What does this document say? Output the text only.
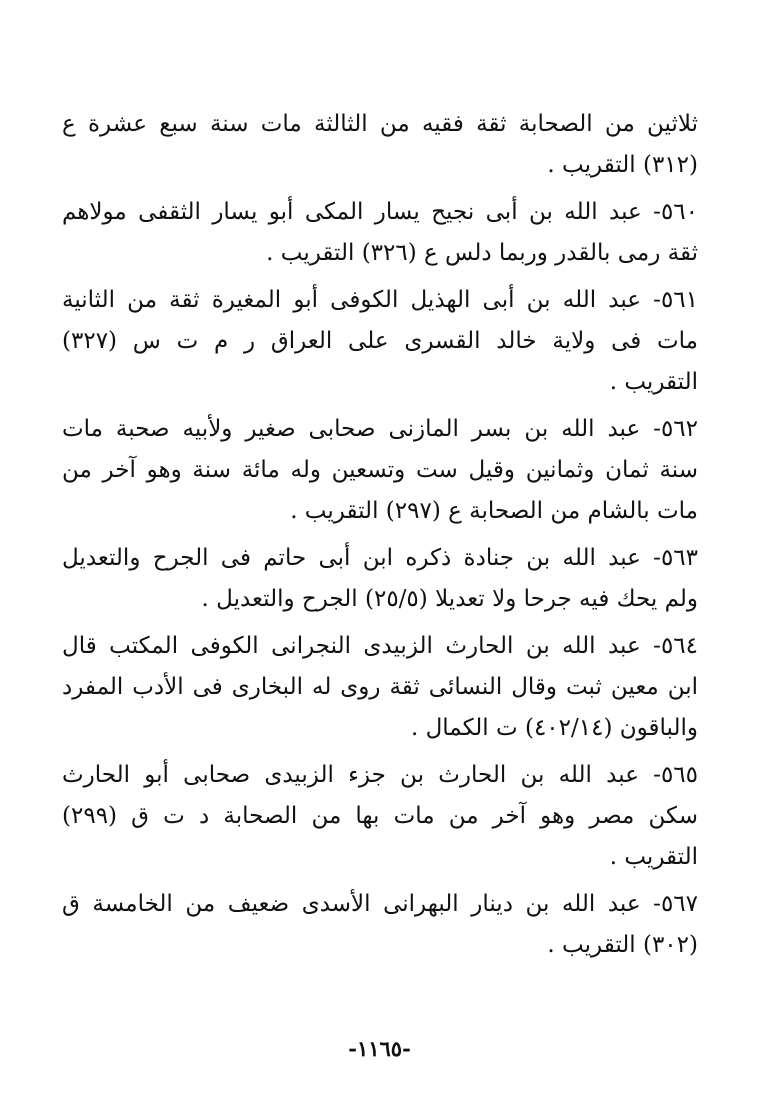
ثلاثين من الصحابة ثقة فقيه من الثالثة مات سنة سبع عشرة ع
(٣١٢) التقريب .
٥٦٠- عبد الله بن أبى نجيح يسار المكى أبو يسار الثقفى مولاهم
ثقة رمى بالقدر وربما دلس ع (٣٢٦) التقريب .
٥٦١- عبد الله بن أبى الهذيل الكوفى أبو المغيرة ثقة من الثانية
مات فى ولاية خالد القسرى على العراق ر م ت س (٣٢٧)
التقريب .
٥٦٢- عبد الله بن بسر المازنى صحابى صغير ولأبيه صحبة مات
سنة ثمان وثمانين وقيل ست وتسعين وله مائة سنة وهو آخر من
مات بالشام من الصحابة ع (٢٩٧) التقريب .
٥٦٣- عبد الله بن جنادة ذكره ابن أبى حاتم فى الجرح والتعديل
ولم يحك فيه جرحا ولا تعديلا (٢٥/٥) الجرح والتعديل .
٥٦٤- عبد الله بن الحارث الزبيدى النجرانى الكوفى المكتب قال
ابن معين ثبت وقال النسائى ثقة روى له البخارى فى الأدب المفرد
والباقون (٤٠٢/١٤) ت الكمال .
٥٦٥- عبد الله بن الحارث بن جزء الزبيدى صحابى أبو الحارث
سكن مصر وهو آخر من مات بها من الصحابة د ت ق (٢٩٩)
التقريب .
٥٦٧- عبد الله بن دينار البهرانى الأسدى ضعيف من الخامسة ق
(٣٠٢) التقريب .
-١١٦٥-
